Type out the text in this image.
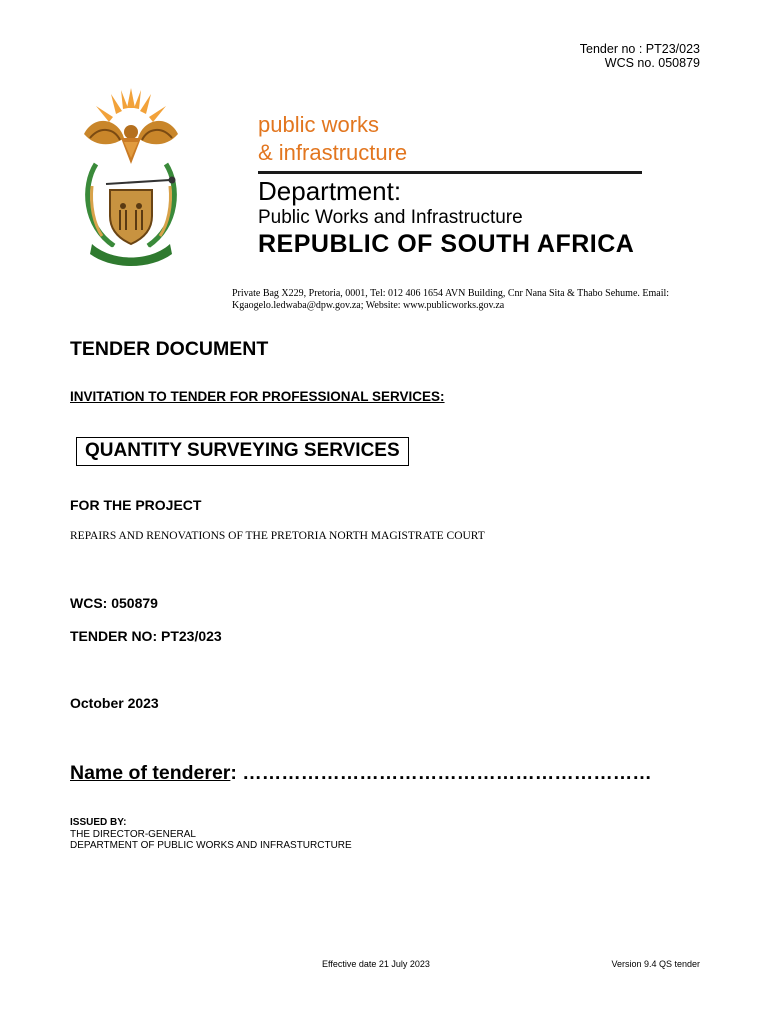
Tender no : PT23/023
WCS no. 050879
!KE E: /XARRA //KE
public works
& infrastructure
Department:
Public Works and Infrastructure
REPUBLIC OF SOUTH AFRICA
Private Bag X229, Pretoria, 0001, Tel: 012 406 1654 AVN Building, Cnr Nana Sita & Thabo Sehume. Email: Kgaogelo.ledwaba@dpw.gov.za; Website: www.publicworks.gov.za
TENDER DOCUMENT
INVITATION TO TENDER FOR PROFESSIONAL SERVICES:
QUANTITY SURVEYING SERVICES
FOR THE PROJECT
REPAIRS AND RENOVATIONS OF THE PRETORIA NORTH MAGISTRATE COURT
WCS: 050879
TENDER NO: PT23/023
October 2023
Name of tenderer: ………………………………………………………
ISSUED BY:
THE DIRECTOR-GENERAL
DEPARTMENT OF PUBLIC WORKS AND INFRASTURCTURE
Effective date 21 July 2023	Version 9.4 QS tender
